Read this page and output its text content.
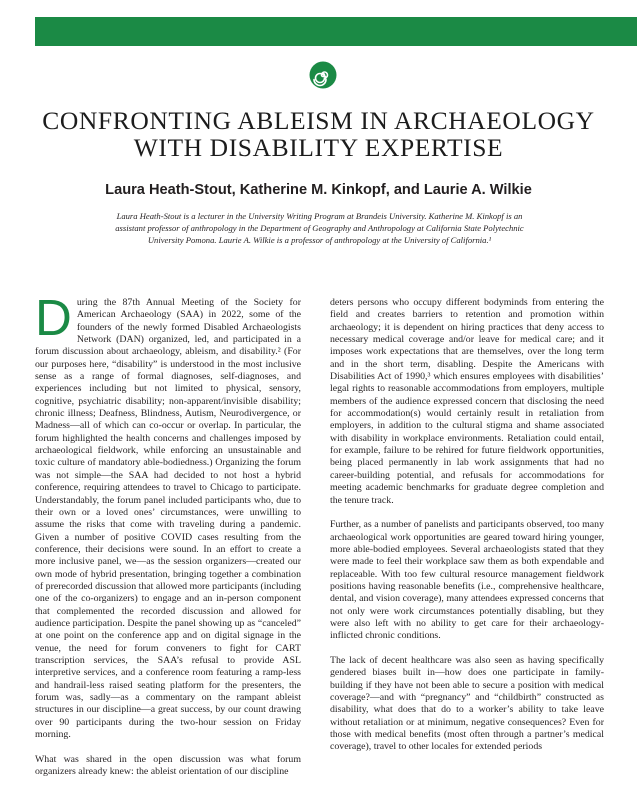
CONFRONTING ABLEISM IN ARCHAEOLOGY
WITH DISABILITY EXPERTISE
Laura Heath-Stout, Katherine M. Kinkopf, and Laurie A. Wilkie
Laura Heath-Stout is a lecturer in the University Writing Program at Brandeis University. Katherine M. Kinkopf is an assistant professor of anthropology in the Department of Geography and Anthropology at California State Polytechnic University Pomona. Laurie A. Wilkie is a professor of anthropology at the University of California.¹

During the 87th Annual Meeting of the Society for American Archaeology (SAA) in 2022, some of the founders of the newly formed Disabled Archaeologists Network (DAN) organized, led, and participated in a forum discussion about archaeology, ableism, and disability.² (For our purposes here, “disability” is understood in the most inclusive sense as a range of formal diagnoses, self-diagnoses, and experiences including but not limited to physical, sensory, cognitive, psychiatric disability; non-apparent/invisible disability; chronic illness; Deafness, Blindness, Autism, Neurodivergence, or Madness—all of which can co-occur or overlap. In particular, the forum highlighted the health concerns and challenges imposed by archaeological fieldwork, while enforcing an unsustainable and toxic culture of mandatory able-bodiedness.) Organizing the forum was not simple—the SAA had decided to not host a hybrid conference, requiring attendees to travel to Chicago to participate. Understandably, the forum panel included participants who, due to their own or a loved ones’ circumstances, were unwilling to assume the risks that come with traveling during a pandemic. Given a number of positive COVID cases resulting from the conference, their decisions were sound. In an effort to create a more inclusive panel, we—as the session organizers—created our own mode of hybrid presentation, bringing together a combination of prerecorded discussion that allowed more participants (including one of the co-organizers) to engage and an in-person component that complemented the recorded discussion and allowed for audience participation. Despite the panel showing up as “canceled” at one point on the conference app and on digital signage in the venue, the need for forum conveners to fight for CART transcription services, the SAA’s refusal to provide ASL interpretive services, and a conference room featuring a ramp-less and handrail-less raised seating platform for the presenters, the forum was, sadly—as a commentary on the rampant ableist structures in our discipline—a great success, by our count drawing over 90 participants during the two-hour session on Friday morning.

What was shared in the open discussion was what forum organizers already knew: the ableist orientation of our discipline

deters persons who occupy different bodyminds from entering the field and creates barriers to retention and promotion within archaeology; it is dependent on hiring practices that deny access to necessary medical coverage and/or leave for medical care; and it imposes work expectations that are themselves, over the long term and in the short term, disabling. Despite the Americans with Disabilities Act of 1990,³ which ensures employees with disabilities’ legal rights to reasonable accommodations from employers, multiple members of the audience expressed concern that disclosing the need for accommodation(s) would certainly result in retaliation from employers, in addition to the cultural stigma and shame associated with disability in workplace environments. Retaliation could entail, for example, failure to be rehired for future fieldwork opportunities, being placed permanently in lab work assignments that had no career-building potential, and refusals for accommodations for meeting academic benchmarks for graduate degree completion and the tenure track.

Further, as a number of panelists and participants observed, too many archaeological work opportunities are geared toward hiring younger, more able-bodied employees. Several archaeologists stated that they were made to feel their workplace saw them as both expendable and replaceable. With too few cultural resource management fieldwork positions having reasonable benefits (i.e., comprehensive healthcare, dental, and vision coverage), many attendees expressed concerns that not only were work circumstances potentially disabling, but they were also left with no ability to get care for their archaeology-inflicted chronic conditions.

The lack of decent healthcare was also seen as having specifically gendered biases built in—how does one participate in family-building if they have not been able to secure a position with medical coverage?—and with “pregnancy” and “childbirth” constructed as disability, what does that do to a worker’s ability to take leave without retaliation or at minimum, negative consequences? Even for those with medical benefits (most often through a partner’s medical coverage), travel to other locales for extended periods
